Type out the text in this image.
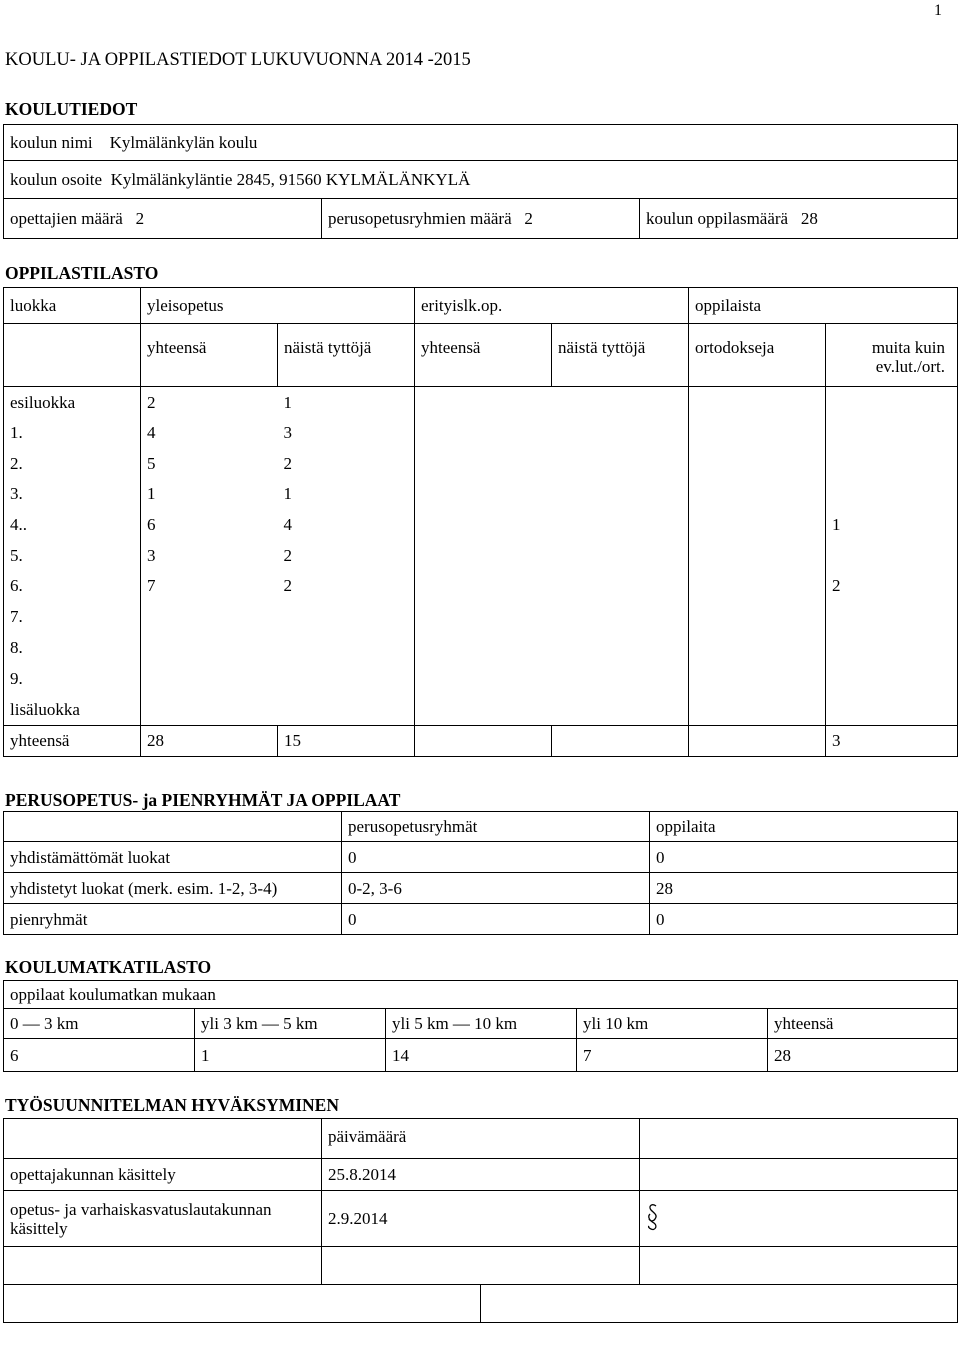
1
KOULU- JA OPPILASTIEDOT LUKUVUONNA 2014 -2015
KOULUTIEDOT
koulun nimi Kylmälänkylän koulu
koulun osoite Kylmälänkyläntie 2845, 91560 KYLMÄLÄNKYLÄ
opettajien määrä 2	perusopetusryhmien määrä 2	koulun oppilasmäärä 28
OPPILASTILASTO
luokka	yleisopetus		erityislk.op.		oppilaista	
	yhteensä	näistä tyttöjä	yhteensä	näistä tyttöjä	ortodokseja	muita kuin ev.lut./ort.
esiluokka	2	1				
1.	4	3				
2.	5	2				
3.	1	1				
4..	6	4				1
5.	3	2				
6.	7	2				2
7.						
8.						
9.						
lisäluokka						
yhteensä	28	15				3
PERUSOPETUS- ja PIENRYHMÄT JA OPPILAAT
	perusopetusryhmät	oppilaita
yhdistämättömät luokat	0	0
yhdistetyt luokat (merk. esim. 1-2, 3-4)	0-2, 3-6	28
pienryhmät	0	0
KOULUMATKATILASTO
oppilaat koulumatkan mukaan				
0 — 3 km	yli 3 km — 5 km	yli 5 km — 10 km	yli 10 km	yhteensä
6	1	14	7	28
TYÖSUUNNITELMAN HYVÄKSYMINEN
	päivämäärä		
opettajakunnan käsittely	25.8.2014		
opetus- ja varhaiskasvatuslautakunnan käsittely	2.9.2014	
